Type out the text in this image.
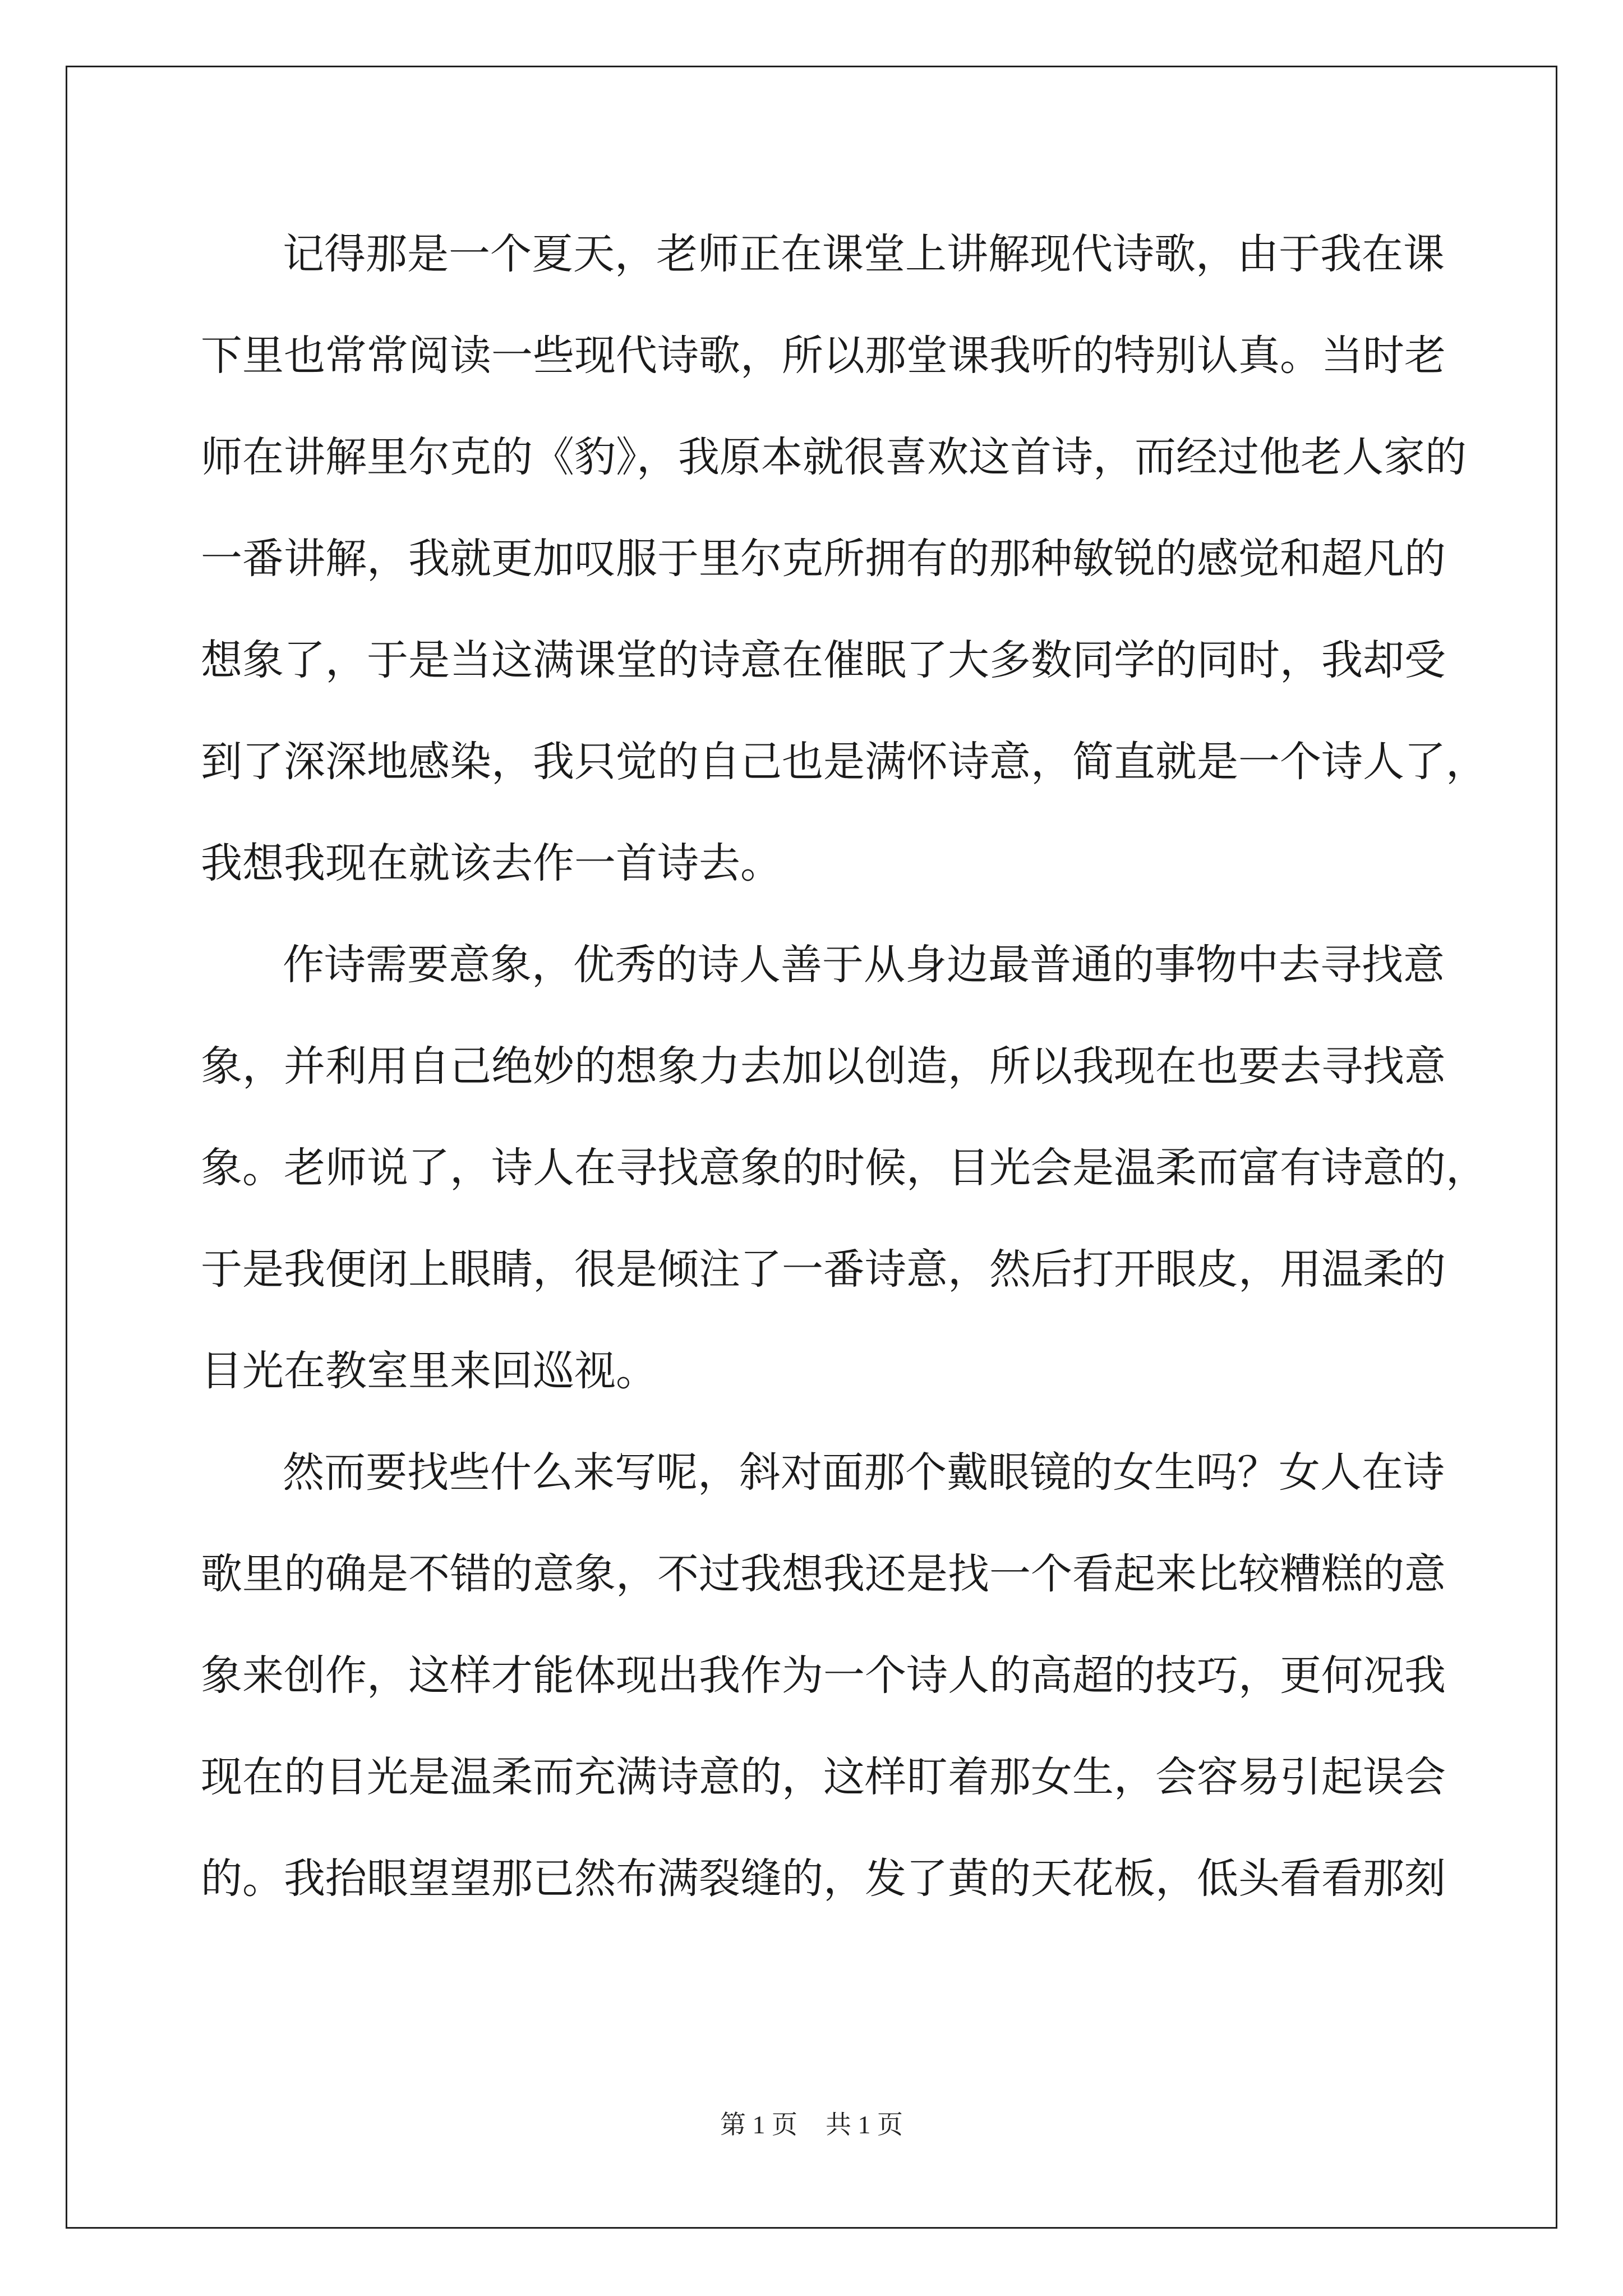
记得那是一个夏天，老师正在课堂上讲解现代诗歌，由于我在课
下里也常常阅读一些现代诗歌，所以那堂课我听的特别认真。当时老
师在讲解里尔克的《豹》，我原本就很喜欢这首诗，而经过他老人家的
一番讲解，我就更加叹服于里尔克所拥有的那种敏锐的感觉和超凡的
想象了，于是当这满课堂的诗意在催眠了大多数同学的同时，我却受
到了深深地感染，我只觉的自己也是满怀诗意，简直就是一个诗人了，
我想我现在就该去作一首诗去。
作诗需要意象，优秀的诗人善于从身边最普通的事物中去寻找意
象，并利用自己绝妙的想象力去加以创造，所以我现在也要去寻找意
象。老师说了，诗人在寻找意象的时候，目光会是温柔而富有诗意的，
于是我便闭上眼睛，很是倾注了一番诗意，然后打开眼皮，用温柔的
目光在教室里来回巡视。
然而要找些什么来写呢，斜对面那个戴眼镜的女生吗？女人在诗
歌里的确是不错的意象，不过我想我还是找一个看起来比较糟糕的意
象来创作，这样才能体现出我作为一个诗人的高超的技巧，更何况我
现在的目光是温柔而充满诗意的，这样盯着那女生，会容易引起误会
的。我抬眼望望那已然布满裂缝的，发了黄的天花板，低头看看那刻
第 1 页 共 1 页
